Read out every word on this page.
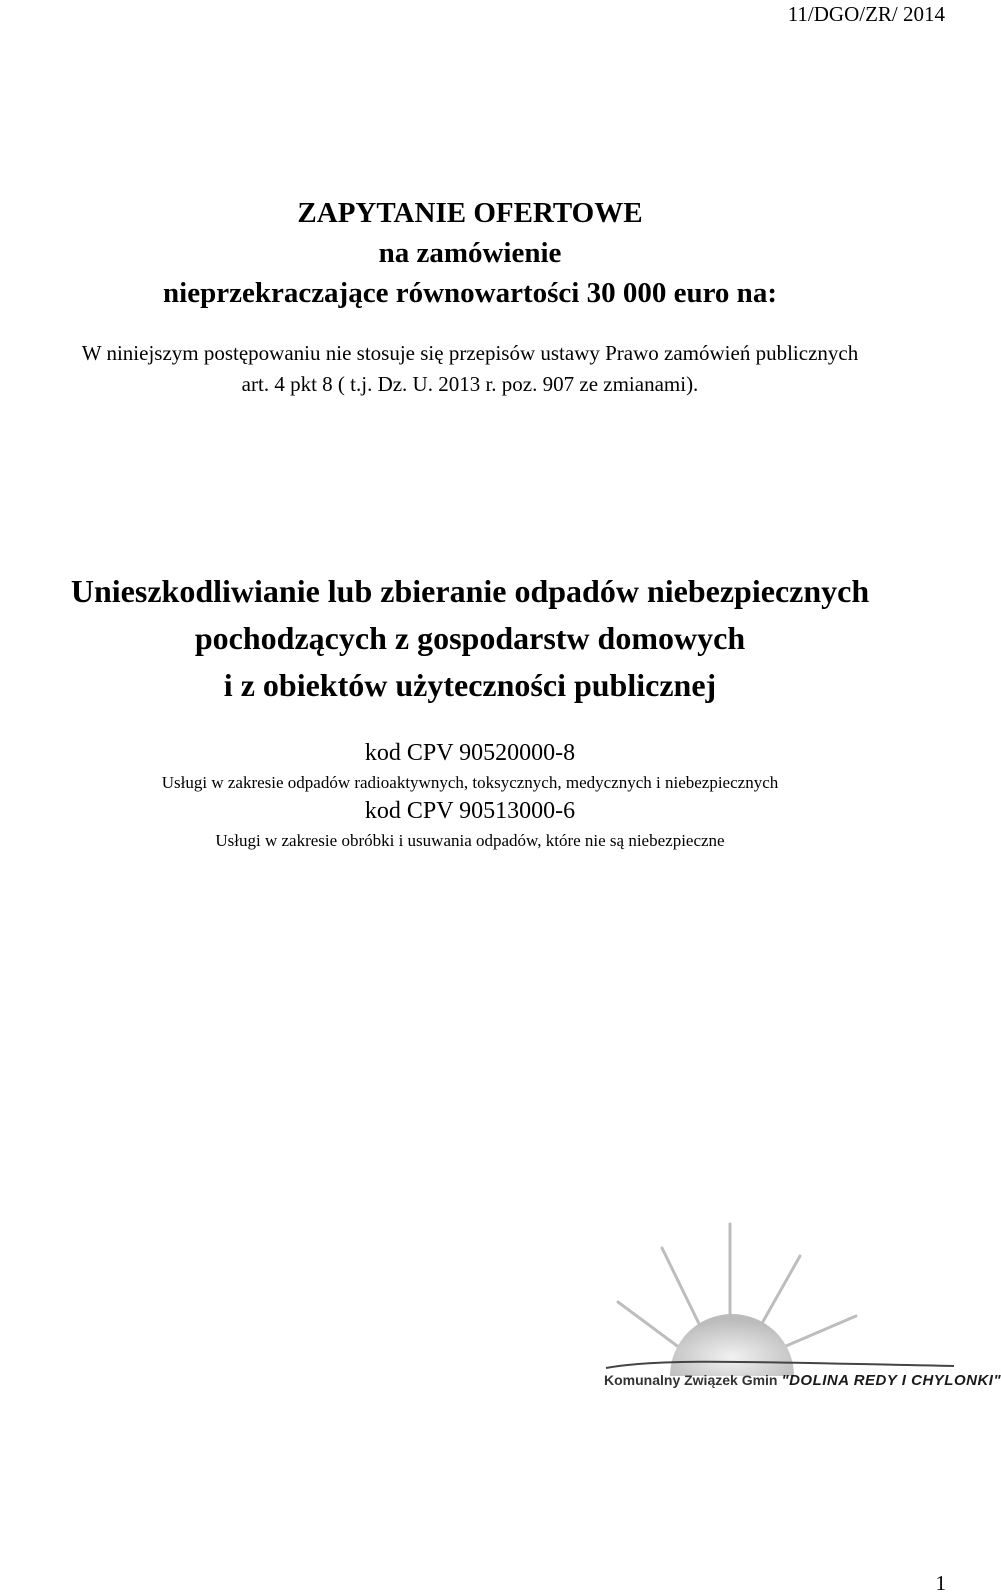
11/DGO/ZR/ 2014
ZAPYTANIE OFERTOWE
na zamówienie
nieprzekraczające równowartości 30 000 euro na:
W niniejszym postępowaniu nie stosuje się przepisów ustawy Prawo zamówień publicznych
art. 4 pkt 8 ( t.j. Dz. U. 2013 r. poz. 907 ze zmianami).
Unieszkodliwianie lub zbieranie odpadów niebezpiecznych
pochodzących z gospodarstw domowych
i z obiektów użyteczności publicznej
kod CPV 90520000-8
Usługi w zakresie odpadów radioaktywnych, toksycznych, medycznych i niebezpiecznych
kod CPV 90513000-6
Usługi w zakresie obróbki i usuwania odpadów, które nie są niebezpieczne
Komunalny Związek Gmin "DOLINA REDY I CHYLONKI"
1
